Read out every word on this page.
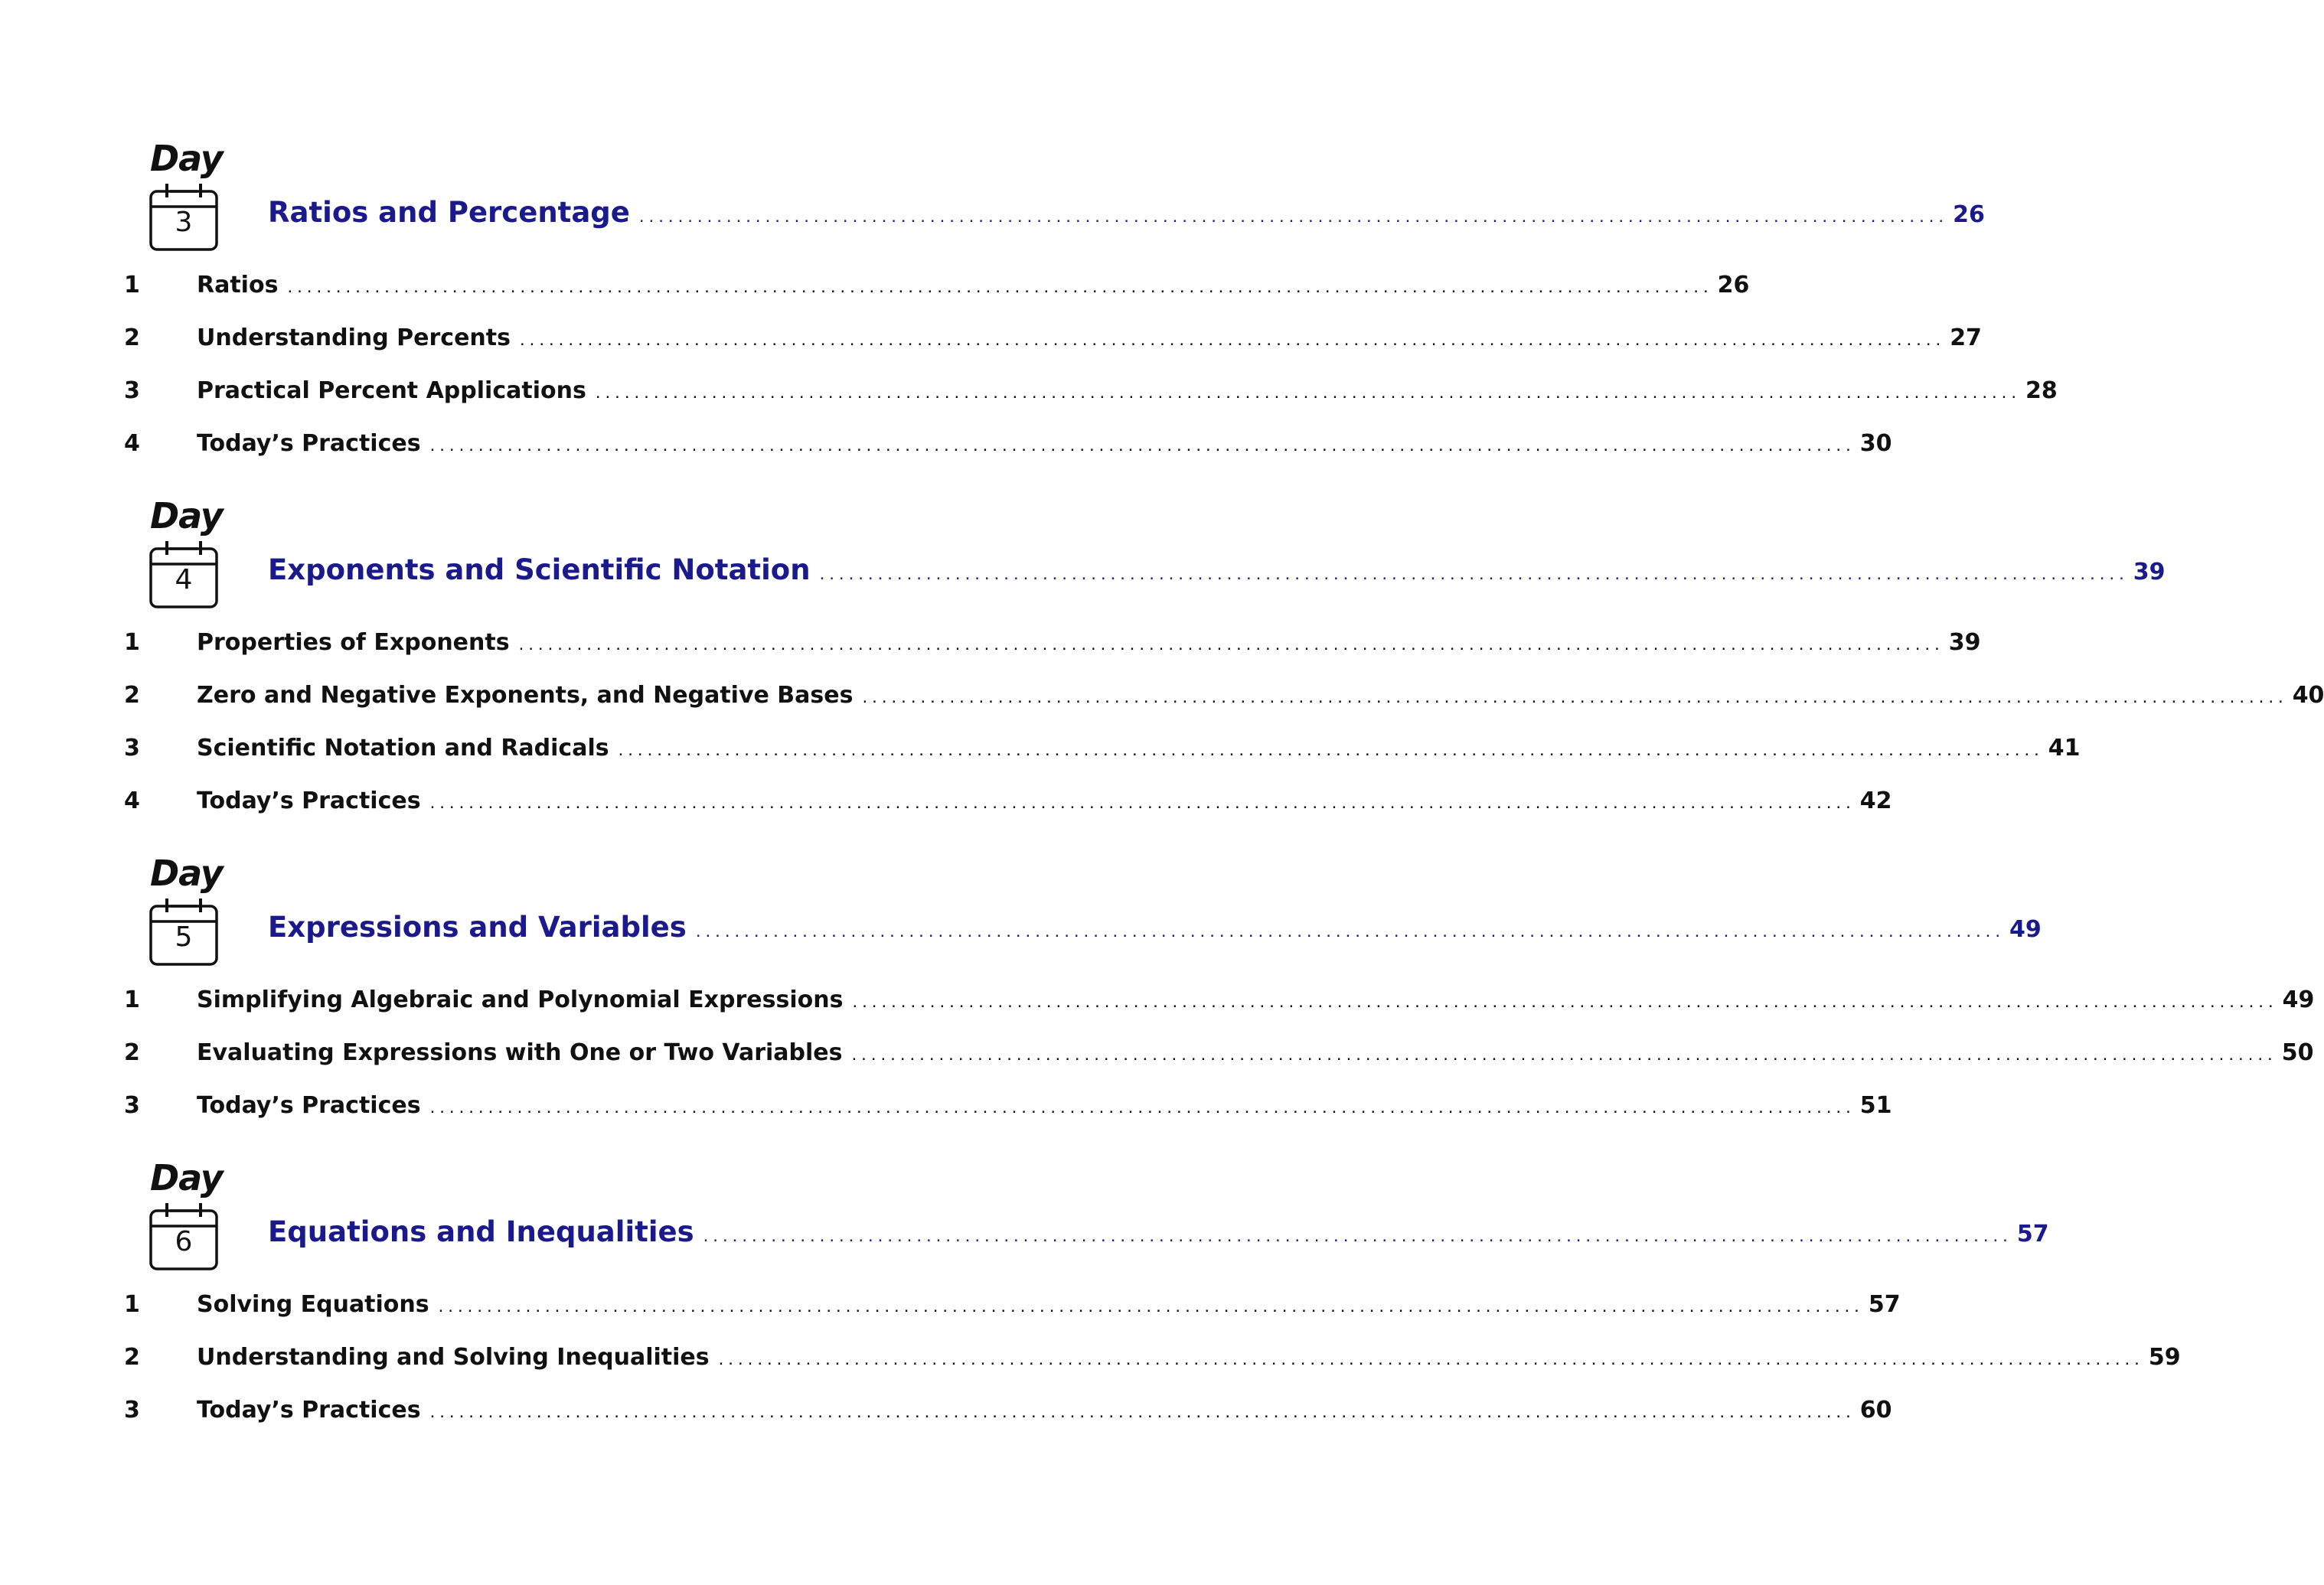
Day
3	Ratios and Percentage ....................................................................................................................................... 26
1	Ratios ................................................................................................................................................... 26
2	Understanding Percents ................................................................................................................................................... 27
3	Practical Percent Applications ................................................................................................................................................... 28
4	Today’s Practices ................................................................................................................................................... 30
Day
4	Exponents and Scientific Notation ....................................................................................................................................... 39
1	Properties of Exponents ................................................................................................................................................... 39
2	Zero and Negative Exponents, and Negative Bases ................................................................................................................................................... 40
3	Scientific Notation and Radicals ................................................................................................................................................... 41
4	Today’s Practices ................................................................................................................................................... 42
Day
5	Expressions and Variables ....................................................................................................................................... 49
1	Simplifying Algebraic and Polynomial Expressions ................................................................................................................................................... 49
2	Evaluating Expressions with One or Two Variables ................................................................................................................................................... 50
3	Today’s Practices ................................................................................................................................................... 51
Day
6	Equations and Inequalities ....................................................................................................................................... 57
1	Solving Equations ................................................................................................................................................... 57
2	Understanding and Solving Inequalities ................................................................................................................................................... 59
3	Today’s Practices ................................................................................................................................................... 60
